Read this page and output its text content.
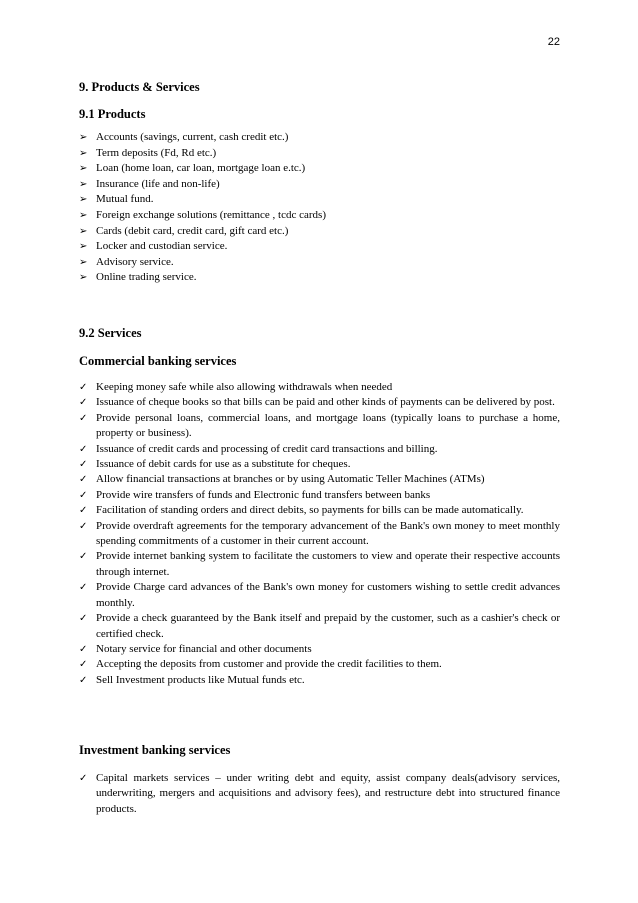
22

9. Products & Services

9.1 Products

➢ Accounts (savings, current, cash credit etc.)
➢ Term deposits (Fd, Rd etc.)
➢ Loan (home loan, car loan, mortgage loan e.tc.)
➢ Insurance (life and non-life)
➢ Mutual fund.
➢ Foreign exchange solutions (remittance , tcdc cards)
➢ Cards (debit card, credit card, gift card etc.)
➢ Locker and custodian service.
➢ Advisory service.
➢ Online trading service.

9.2 Services

Commercial banking services

✓ Keeping money safe while also allowing withdrawals when needed
✓ Issuance of cheque books so that bills can be paid and other kinds of payments can be delivered by post.
✓ Provide personal loans, commercial loans, and mortgage loans (typically loans to purchase a home, property or business).
✓ Issuance of credit cards and processing of credit card transactions and billing.
✓ Issuance of debit cards for use as a substitute for cheques.
✓ Allow financial transactions at branches or by using Automatic Teller Machines (ATMs)
✓ Provide wire transfers of funds and Electronic fund transfers between banks
✓ Facilitation of standing orders and direct debits, so payments for bills can be made automatically.
✓ Provide overdraft agreements for the temporary advancement of the Bank's own money to meet monthly spending commitments of a customer in their current account.
✓ Provide internet banking system to facilitate the customers to view and operate their respective accounts through internet.
✓ Provide Charge card advances of the Bank's own money for customers wishing to settle credit advances monthly.
✓ Provide a check guaranteed by the Bank itself and prepaid by the customer, such as a cashier's check or certified check.
✓ Notary service for financial and other documents
✓ Accepting the deposits from customer and provide the credit facilities to them.
✓ Sell Investment products like Mutual funds etc.

Investment banking services

✓ Capital markets services – under writing debt and equity, assist company deals(advisory services, underwriting, mergers and acquisitions and advisory fees), and restructure debt into structured finance products.
